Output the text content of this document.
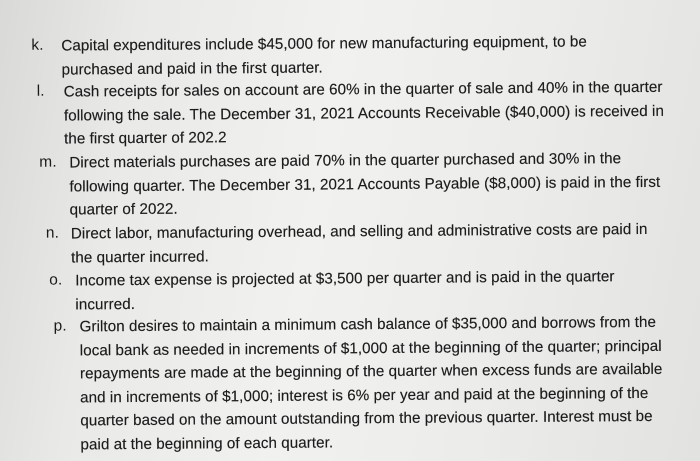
k. Capital expenditures include $45,000 for new manufacturing equipment, to be
purchased and paid in the first quarter.
l. Cash receipts for sales on account are 60% in the quarter of sale and 40% in the quarter
following the sale. The December 31, 2021 Accounts Receivable ($40,000) is received in
the first quarter of 202.2
m. Direct materials purchases are paid 70% in the quarter purchased and 30% in the
following quarter. The December 31, 2021 Accounts Payable ($8,000) is paid in the first
quarter of 2022.
n. Direct labor, manufacturing overhead, and selling and administrative costs are paid in
the quarter incurred.
o. Income tax expense is projected at $3,500 per quarter and is paid in the quarter
incurred.
p. Grilton desires to maintain a minimum cash balance of $35,000 and borrows from the
local bank as needed in increments of $1,000 at the beginning of the quarter; principal
repayments are made at the beginning of the quarter when excess funds are available
and in increments of $1,000; interest is 6% per year and paid at the beginning of the
quarter based on the amount outstanding from the previous quarter. Interest must be
paid at the beginning of each quarter.
